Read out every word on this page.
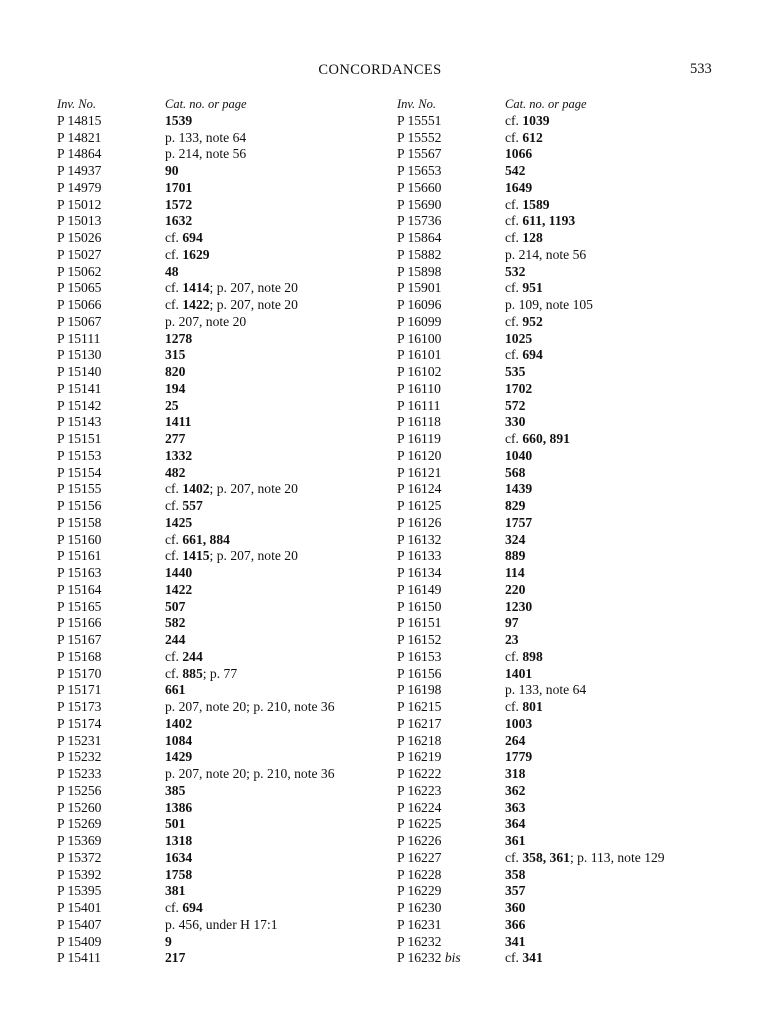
CONCORDANCES	533
Inv. No.	Cat. no. or page
P 14815	1539
P 14821	p. 133, note 64
P 14864	p. 214, note 56
P 14937	90
P 14979	1701
P 15012	1572
P 15013	1632
P 15026	cf. 694
P 15027	cf. 1629
P 15062	48
P 15065	cf. 1414; p. 207, note 20
P 15066	cf. 1422; p. 207, note 20
P 15067	p. 207, note 20
P 15111	1278
P 15130	315
P 15140	820
P 15141	194
P 15142	25
P 15143	1411
P 15151	277
P 15153	1332
P 15154	482
P 15155	cf. 1402; p. 207, note 20
P 15156	cf. 557
P 15158	1425
P 15160	cf. 661, 884
P 15161	cf. 1415; p. 207, note 20
P 15163	1440
P 15164	1422
P 15165	507
P 15166	582
P 15167	244
P 15168	cf. 244
P 15170	cf. 885; p. 77
P 15171	661
P 15173	p. 207, note 20; p. 210, note 36
P 15174	1402
P 15231	1084
P 15232	1429
P 15233	p. 207, note 20; p. 210, note 36
P 15256	385
P 15260	1386
P 15269	501
P 15369	1318
P 15372	1634
P 15392	1758
P 15395	381
P 15401	cf. 694
P 15407	p. 456, under H 17:1
P 15409	9
P 15411	217
Inv. No.	Cat. no. or page
P 15551	cf. 1039
P 15552	cf. 612
P 15567	1066
P 15653	542
P 15660	1649
P 15690	cf. 1589
P 15736	cf. 611, 1193
P 15864	cf. 128
P 15882	p. 214, note 56
P 15898	532
P 15901	cf. 951
P 16096	p. 109, note 105
P 16099	cf. 952
P 16100	1025
P 16101	cf. 694
P 16102	535
P 16110	1702
P 16111	572
P 16118	330
P 16119	cf. 660, 891
P 16120	1040
P 16121	568
P 16124	1439
P 16125	829
P 16126	1757
P 16132	324
P 16133	889
P 16134	114
P 16149	220
P 16150	1230
P 16151	97
P 16152	23
P 16153	cf. 898
P 16156	1401
P 16198	p. 133, note 64
P 16215	cf. 801
P 16217	1003
P 16218	264
P 16219	1779
P 16222	318
P 16223	362
P 16224	363
P 16225	364
P 16226	361
P 16227	cf. 358, 361; p. 113, note 129
P 16228	358
P 16229	357
P 16230	360
P 16231	366
P 16232	341
P 16232 bis	cf. 341
